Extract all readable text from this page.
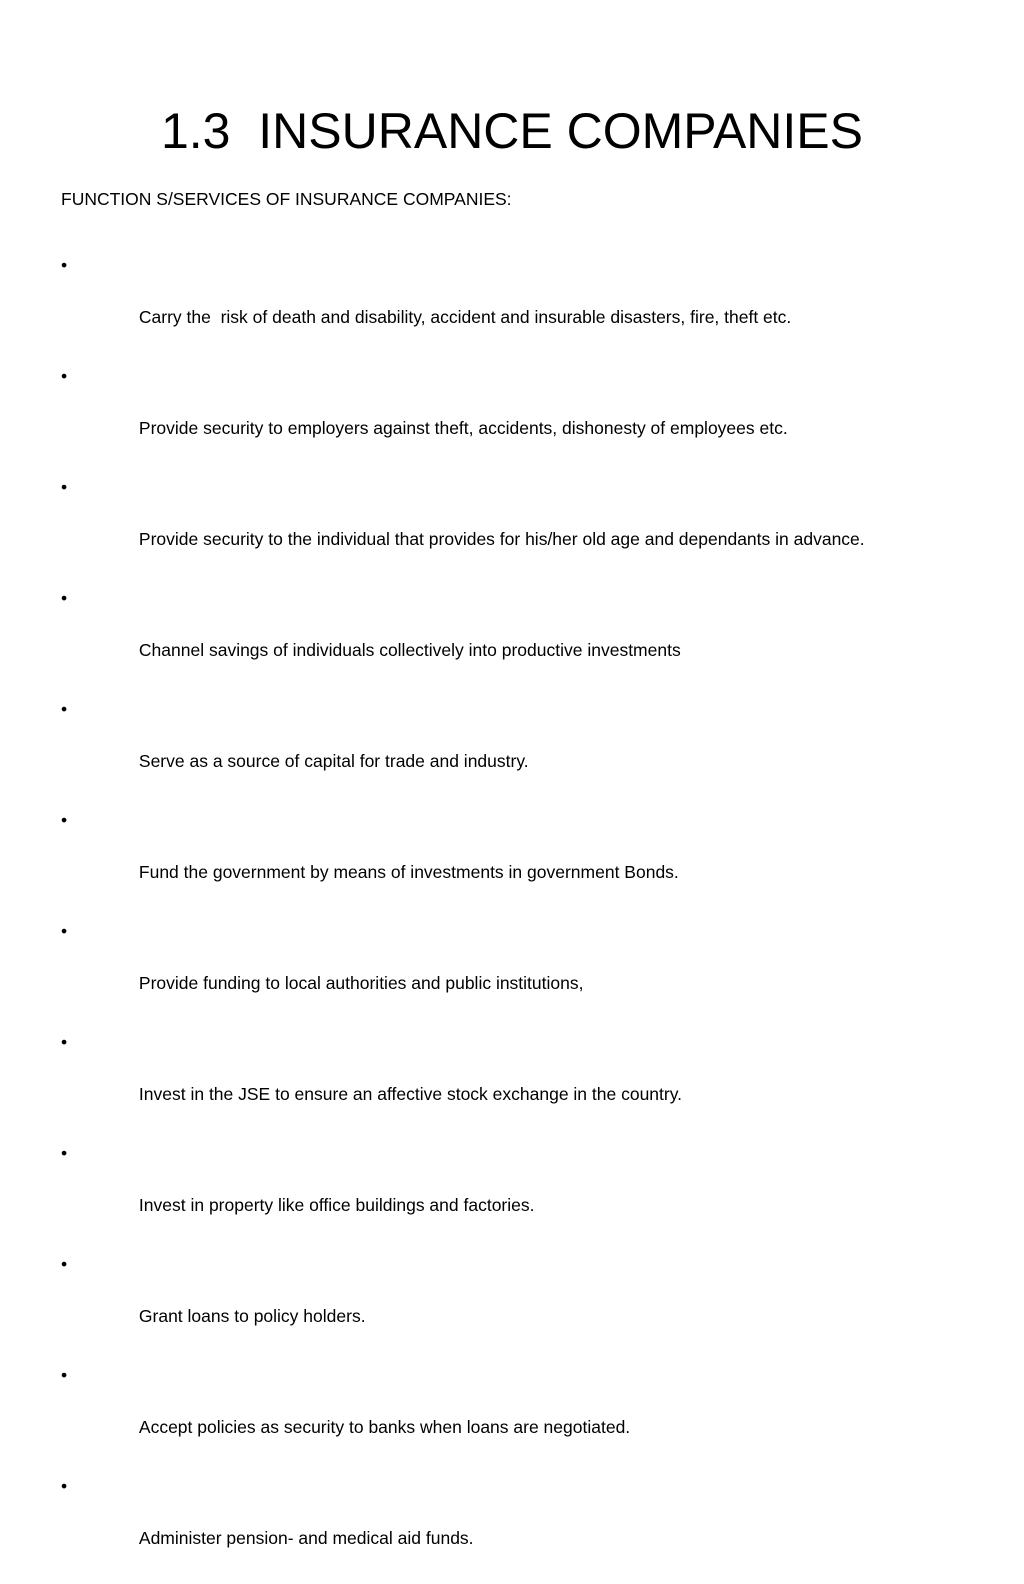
1.3  INSURANCE COMPANIES
FUNCTION S/SERVICES OF INSURANCE COMPANIES:

•

Carry the  risk of death and disability, accident and insurable disasters, fire, theft etc.

•

Provide security to employers against theft, accidents, dishonesty of employees etc.

•

Provide security to the individual that provides for his/her old age and dependants in advance.

•

Channel savings of individuals collectively into productive investments

•

Serve as a source of capital for trade and industry.

•

Fund the government by means of investments in government Bonds.

•

Provide funding to local authorities and public institutions,

•

Invest in the JSE to ensure an affective stock exchange in the country.

•

Invest in property like office buildings and factories.

•

Grant loans to policy holders.

•

Accept policies as security to banks when loans are negotiated.

•

Administer pension- and medical aid funds.
